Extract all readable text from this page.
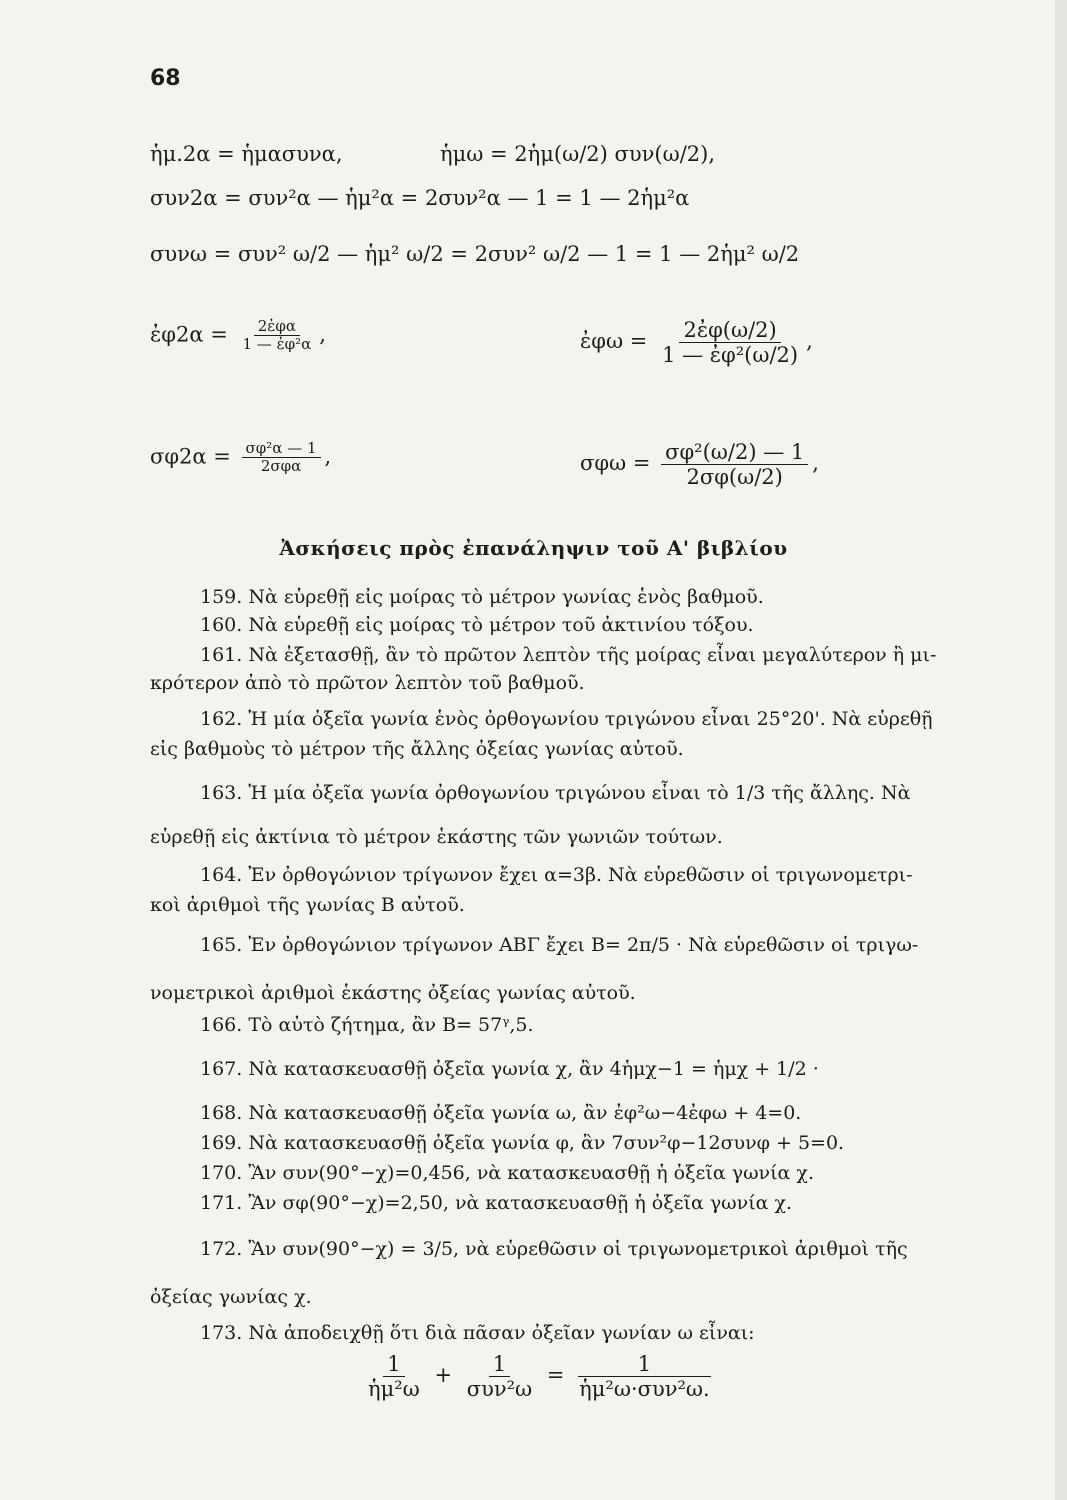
68
ἡμ.2α = ἡμασυνα,	ἡμω = 2ἡμ(ω/2) συν(ω/2),
συν2α = συν²α — ἡμ²α = 2συν²α — 1 = 1 — 2ἡμ²α
συνω = συν² ω/2 — ἡμ² ω/2 = 2συν² ω/2 — 1 = 1 — 2ἡμ² ω/2
ἐφ2α = $\frac{\text{2ἐφα}}{\text{1 — ἐφ²α}}$ ,	ἐφω = $\frac{\text{2ἐφ(ω/2)}}{\text{1 — ἐφ²(ω/2)}}$ ,
$\sigma\varphi 2\alpha = \frac{\text{σφ²α — 1}}{\text{2σφα}}$ ,	$\sigma\varphi\omega = \frac{\text{σφ²(ω/2) — 1}}{2\sigma\varphi(\omega/2)}$ ,
Ἀσκήσεις πρὸς ἐπανάληψιν τοῦ Α' βιβλίου
159. Νὰ εὑρεθῇ εἰς μοίρας τὸ μέτρον γωνίας ἑνὸς βαθμοῦ.
160. Νὰ εὑρεθῇ εἰς μοίρας τὸ μέτρον τοῦ ἀκτινίου τόξου.
161. Νὰ ἐξετασθῇ, ἂν τὸ πρῶτον λεπτὸν τῆς μοίρας εἶναι μεγαλύτερον ἢ μι-
κρότερον ἀπὸ τὸ πρῶτον λεπτὸν τοῦ βαθμοῦ.
162. Ἡ μία ὀξεῖα γωνία ἑνὸς ὀρθογωνίου τριγώνου εἶναι 25°20'. Νὰ εὑρεθῇ
εἰς βαθμοὺς τὸ μέτρον τῆς ἄλλης ὀξείας γωνίας αὐτοῦ.
163. Ἡ μία ὀξεῖα γωνία ὀρθογωνίου τριγώνου εἶναι τὸ 1/3 τῆς ἄλλης. Νὰ
εὑρεθῇ εἰς ἀκτίνια τὸ μέτρον ἑκάστης τῶν γωνιῶν τούτων.
164. Ἐν ὀρθογώνιον τρίγωνον ἔχει α=3β. Νὰ εὑρεθῶσιν οἱ τριγωνομετρι-
κοὶ ἀριθμοὶ τῆς γωνίας Β αὐτοῦ.
165. Ἐν ὀρθογώνιον τρίγωνον ΑΒΓ ἔχει Β= 2π/5 · Νὰ εὑρεθῶσιν οἱ τριγω-
νομετρικοὶ ἀριθμοὶ ἑκάστης ὀξείας γωνίας αὐτοῦ.
166. Τὸ αὐτὸ ζήτημα, ἂν Β= 57ᵞ,5.
167. Νὰ κατασκευασθῇ ὀξεῖα γωνία χ, ἂν 4ἡμχ−1 = ἡμχ + 1/2 ·
168. Νὰ κατασκευασθῇ ὀξεῖα γωνία ω, ἂν ἐφ²ω−4ἐφω + 4=0.
169. Νὰ κατασκευασθῇ ὀξεῖα γωνία φ, ἂν 7συν²φ−12συνφ + 5=0.
170. Ἂν συν(90°−χ)=0,456, νὰ κατασκευασθῇ ἡ ὀξεῖα γωνία χ.
171. Ἂν σφ(90°−χ)=2,50, νὰ κατασκευασθῇ ἡ ὀξεῖα γωνία χ.
172. Ἂν συν(90°−χ) = 3/5, νὰ εὑρεθῶσιν οἱ τριγωνομετρικοὶ ἀριθμοὶ τῆς
ὀξείας γωνίας χ.
173. Νὰ ἀποδειχθῇ ὅτι διὰ πᾶσαν ὀξεῖαν γωνίαν ω εἶναι:
$\frac{1}{\text{ἡμ²ω}} + \frac{1}{\text{συν²ω}} = \frac{1}{\text{ἡμ²ω·συν²ω.}}$
